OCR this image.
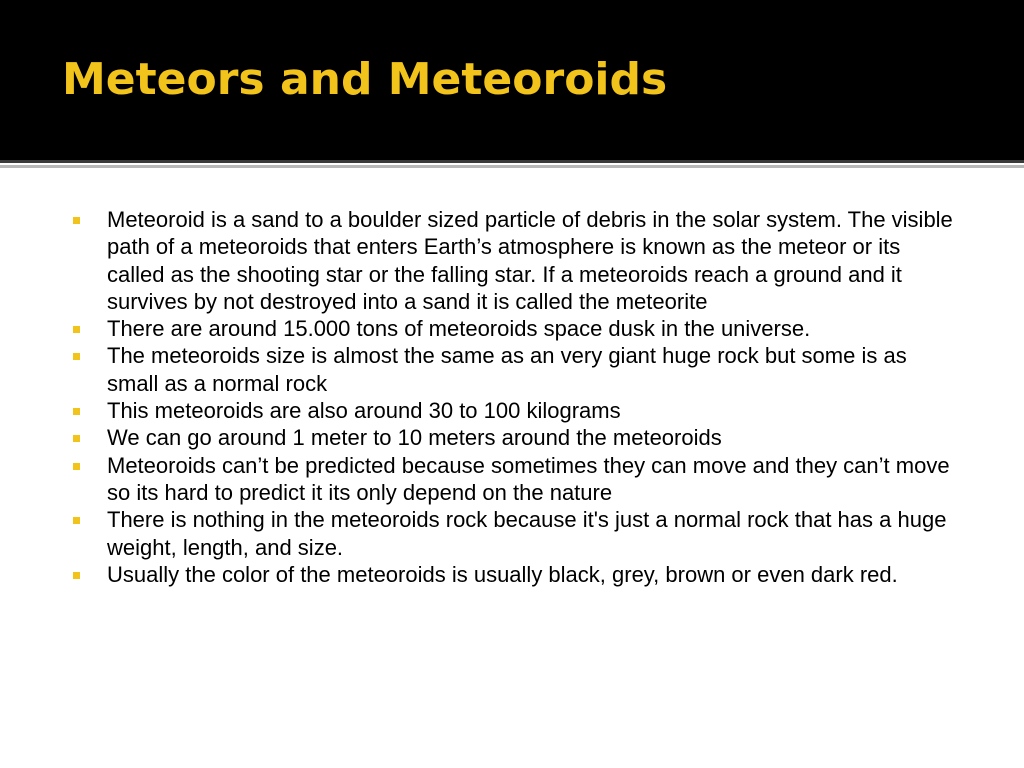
Meteors and Meteoroids
Meteoroid is a sand to a boulder sized particle of debris in the solar system. The visible path of a meteoroids that enters Earth’s atmosphere is known as the meteor or its called as the shooting star or the falling star. If a meteoroids reach a ground and it survives by not destroyed into a sand it is called the meteorite
There are around 15.000 tons of meteoroids space dusk in the universe.
The meteoroids size is almost the same as an very giant huge rock but some is as small as a normal rock
This meteoroids are also around 30 to 100 kilograms
We can go around 1 meter to 10 meters around the meteoroids
Meteoroids can’t be predicted because sometimes they can move and they can’t move so its hard to predict it its only depend on the nature
There is nothing in the meteoroids rock because it's just a normal rock that has a huge weight, length, and size.
Usually the color of the meteoroids is usually black, grey, brown or even dark red.
